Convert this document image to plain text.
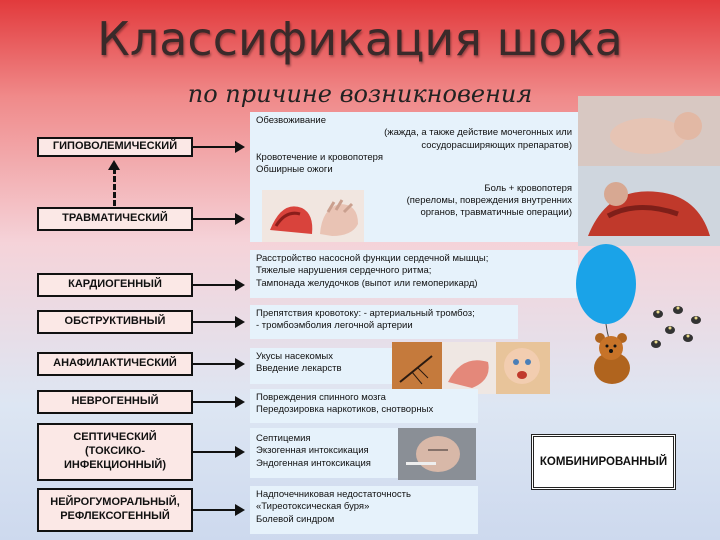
Классификация шока
по причине возникновения
ГИПОВОЛЕМИЧЕСКИЙ
ТРАВМАТИЧЕСКИЙ
КАРДИОГЕННЫЙ
ОБСТРУКТИВНЫЙ
АНАФИЛАКТИЧЕСКИЙ
НЕВРОГЕННЫЙ
СЕПТИЧЕСКИЙ (ТОКСИКО-ИНФЕКЦИОННЫЙ)
НЕЙРОГУМОРАЛЬНЫЙ, РЕФЛЕКСОГЕННЫЙ
Обезвоживание
(жажда, а также действие мочегонных или сосудорасширяющих препаратов)
Кровотечение и кровопотеря
Обширные ожоги
Боль + кровопотеря
(переломы, повреждения внутренних органов, травматичные операции)
Расстройство насосной функции сердечной мышцы;
Тяжелые нарушения сердечного ритма;
Тампонада желудочков (выпот или гемоперикард)
Препятствия кровотоку: - артериальный тромбоз;
- тромбоэмболия легочной артерии
Укусы насекомых
Введение лекарств
Повреждения спинного мозга
Передозировка наркотиков, снотворных
Септицемия
Экзогенная интоксикация
Эндогенная интоксикация
Надпочечниковая недостаточность
«Тиреотоксическая буря»
Болевой синдром
КОМБИНИРОВАННЫЙ
